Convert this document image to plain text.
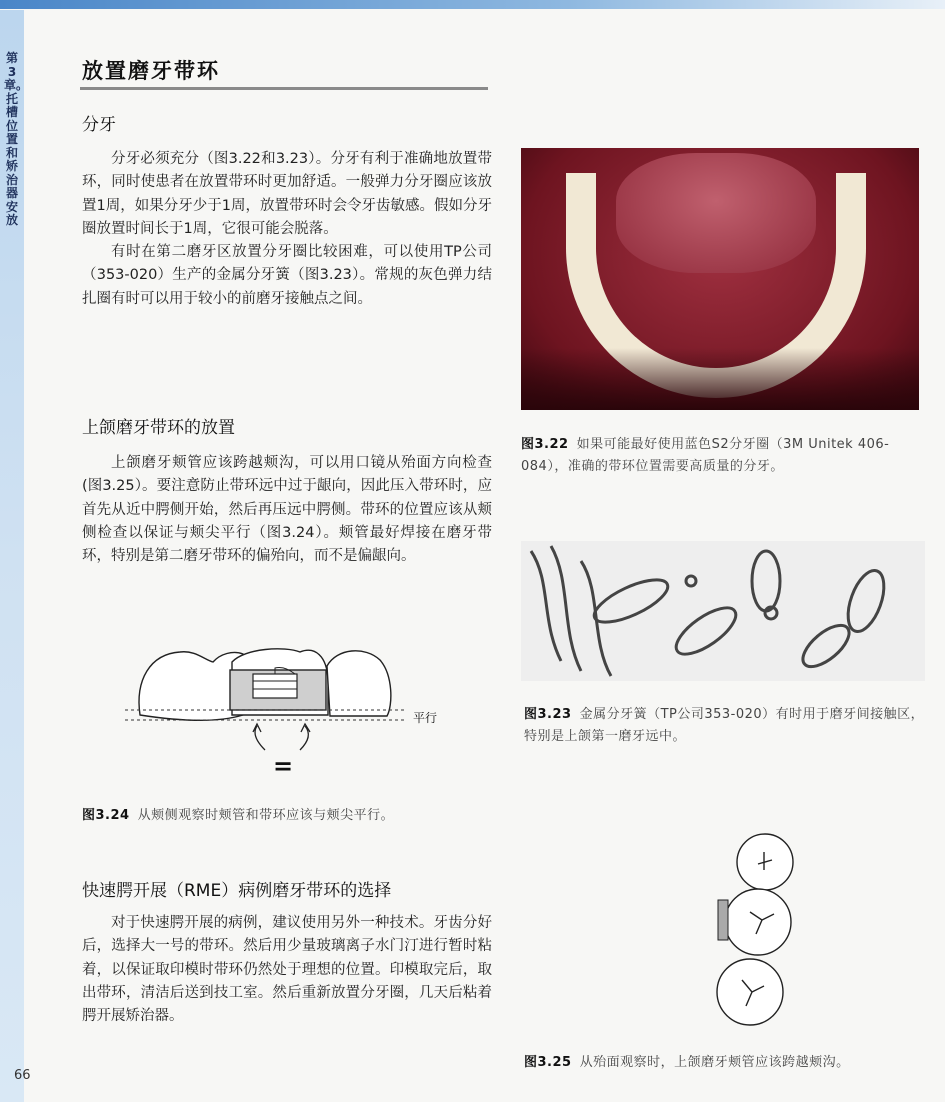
第3章。托槽位置和矫治器安放
66
放置磨牙带环
分牙

分牙必须充分（图3.22和3.23）。分牙有利于准确地放置带环，同时使患者在放置带环时更加舒适。一般弹力分牙圈应该放置1周，如果分牙少于1周，放置带环时会令牙齿敏感。假如分牙圈放置时间长于1周，它很可能会脱落。

有时在第二磨牙区放置分牙圈比较困难，可以使用TP公司（353-020）生产的金属分牙簧（图3.23）。常规的灰色弹力结扎圈有时可以用于较小的前磨牙接触点之间。

上颌磨牙带环的放置

上颌磨牙颊管应该跨越颊沟，可以用口镜从殆面方向检查(图3.25）。要注意防止带环远中过于龈向，因此压入带环时，应首先从近中腭侧开始，然后再压远中腭侧。带环的位置应该从颊侧检查以保证与颊尖平行（图3.24）。颊管最好焊接在磨牙带环，特别是第二磨牙带环的偏殆向，而不是偏龈向。

平行
=
图3.24 从颊侧观察时颊管和带环应该与颊尖平行。
快速腭开展（RME）病例磨牙带环的选择

对于快速腭开展的病例，建议使用另外一种技术。牙齿分好后，选择大一号的带环。然后用少量玻璃离子水门汀进行暂时粘着，以保证取印模时带环仍然处于理想的位置。印模取完后，取出带环，清洁后送到技工室。然后重新放置分牙圈，几天后粘着腭开展矫治器。

图3.22 如果可能最好使用蓝色S2分牙圈（3M Unitek 406-084），准确的带环位置需要高质量的分牙。
图3.23 金属分牙簧（TP公司353-020）有时用于磨牙间接触区，特别是上颌第一磨牙远中。
图3.25 从殆面观察时，上颌磨牙颊管应该跨越颊沟。
